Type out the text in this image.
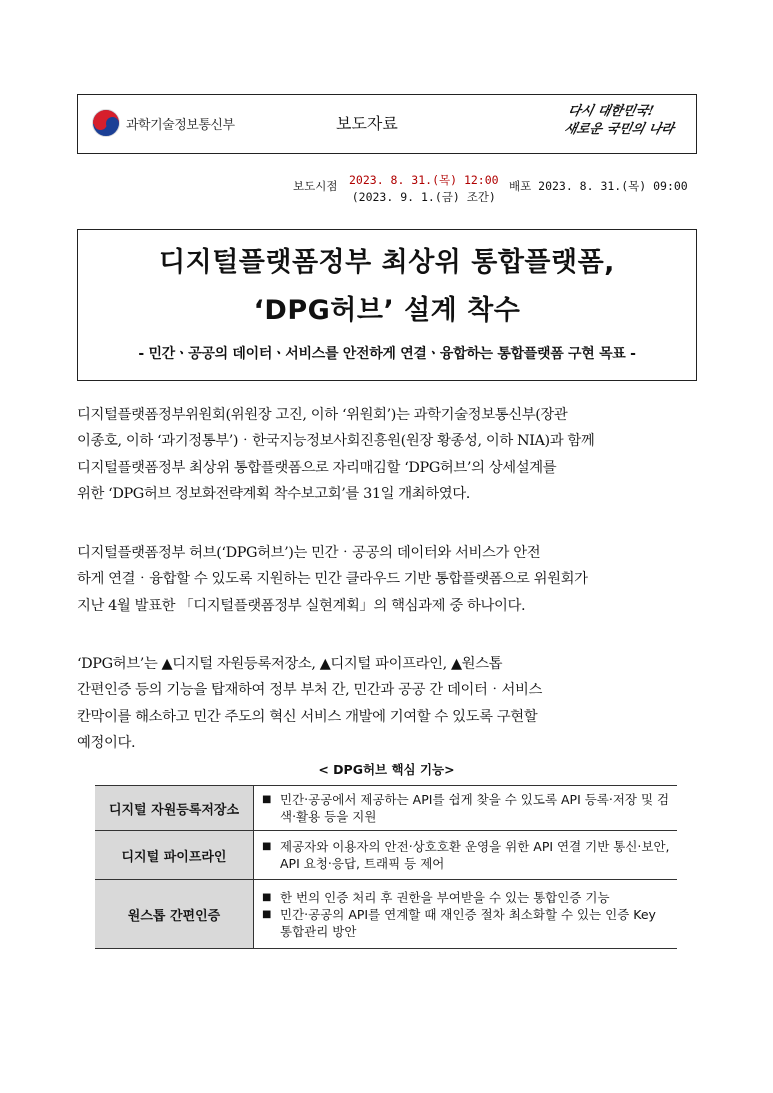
과학기술정보통신부	보도자료
다시 대한민국!
새로운 국민의 나라
보도시점 2023. 8. 31.(목) 12:00
(2023. 9. 1.(금) 조간)
배포 2023. 8. 31.(목) 09:00
디지털플랫폼정부 최상위 통합플랫폼,
‘DPG허브’ 설계 착수
- 민간ㆍ공공의 데이터ㆍ서비스를 안전하게 연결ㆍ융합하는 통합플랫폼 구현 목표 -
디지털플랫폼정부위원회(위원장 고진, 이하 ‘위원회’)는 과학기술정보통신부(장관
이종호, 이하 ‘과기정통부’)‧한국지능정보사회진흥원(원장 황종성, 이하 NIA)과 함께
디지털플랫폼정부 최상위 통합플랫폼으로 자리매김할 ‘DPG허브’의 상세설계를
위한 ‘DPG허브 정보화전략계획 착수보고회’를 31일 개최하였다.
디지털플랫폼정부 허브(‘DPG허브’)는 민간‧공공의 데이터와 서비스가 안전
하게 연결‧융합할 수 있도록 지원하는 민간 클라우드 기반 통합플랫폼으로 위원회가
지난 4월 발표한 「디지털플랫폼정부 실현계획」의 핵심과제 중 하나이다.
‘DPG허브’는 ▲디지털 자원등록저장소, ▲디지털 파이프라인, ▲원스톱
간편인증 등의 기능을 탑재하여 정부 부처 간, 민간과 공공 간 데이터‧서비스
칸막이를 해소하고 민간 주도의 혁신 서비스 개발에 기여할 수 있도록 구현할
예정이다.
< DPG허브 핵심 기능>
디지털 자원등록저장소	■ 민간‧공공에서 제공하는 API를 쉽게 찾을 수 있도록 API 등록‧저장 및 검색‧활용 등을 지원

디지털 파이프라인	■ 제공자와 이용자의 안전‧상호호환 운영을 위한 API 연결 기반 통신‧보안, API 요청‧응답, 트래픽 등 제어

원스톱 간편인증	■ 한 번의 인증 처리 후 권한을 부여받을 수 있는 통합인증 기능
■ 민간‧공공의 API를 연계할 때 재인증 절차 최소화할 수 있는 인증 Key 통합관리 방안
